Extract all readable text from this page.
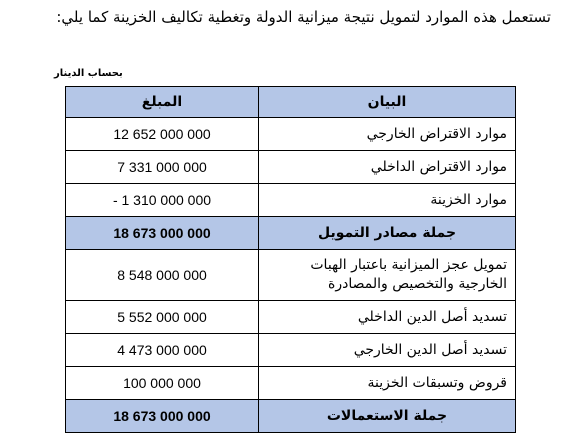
تستعمل هذه الموارد لتمويل نتيجة ميزانية الدولة وتغطية تكاليف الخزينة كما يلي:
بحساب الدينار
البيان	المبلغ
موارد الاقتراض الخارجي	12 652 000 000
موارد الاقتراض الداخلي	7 331 000 000
موارد الخزينة	- 1 310 000 000
جملة مصادر التمويل	18 673 000 000
تمويل عجز الميزانية باعتبار الهبات الخارجية والتخصيص والمصادرة	8 548 000 000
تسديد أصل الدين الداخلي	5 552 000 000
تسديد أصل الدين الخارجي	4 473 000 000
قروض وتسبقات الخزينة	100 000 000
جملة الاستعمالات	18 673 000 000
